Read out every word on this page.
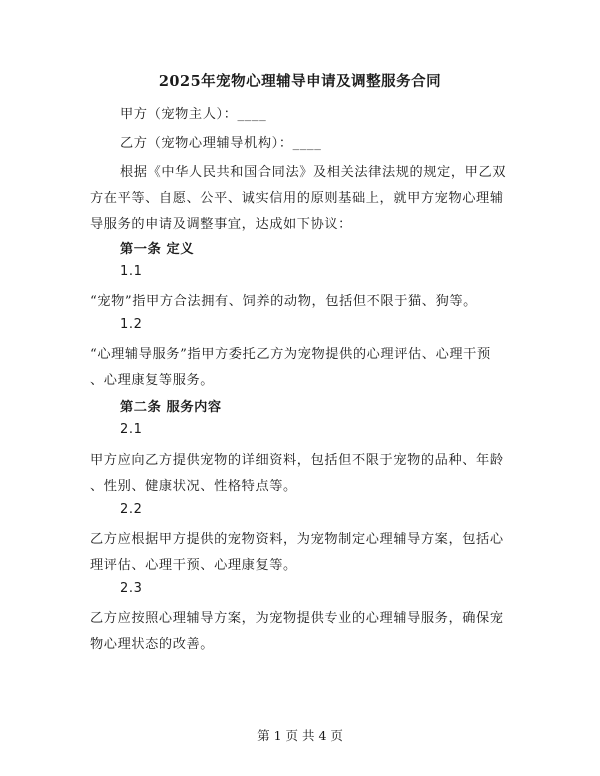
2025年宠物心理辅导申请及调整服务合同
甲方（宠物主人）：____
乙方（宠物心理辅导机构）：____
根据《中华人民共和国合同法》及相关法律法规的规定，甲乙双
方在平等、自愿、公平、诚实信用的原则基础上，就甲方宠物心理辅
导服务的申请及调整事宜，达成如下协议：
第一条 定义
1.1
“宠物”指甲方合法拥有、饲养的动物，包括但不限于猫、狗等。
1.2
“心理辅导服务”指甲方委托乙方为宠物提供的心理评估、心理干预
、心理康复等服务。
第二条 服务内容
2.1
甲方应向乙方提供宠物的详细资料，包括但不限于宠物的品种、年龄
、性别、健康状况、性格特点等。
2.2
乙方应根据甲方提供的宠物资料，为宠物制定心理辅导方案，包括心
理评估、心理干预、心理康复等。
2.3
乙方应按照心理辅导方案，为宠物提供专业的心理辅导服务，确保宠
物心理状态的改善。
第 1 页 共 4 页
